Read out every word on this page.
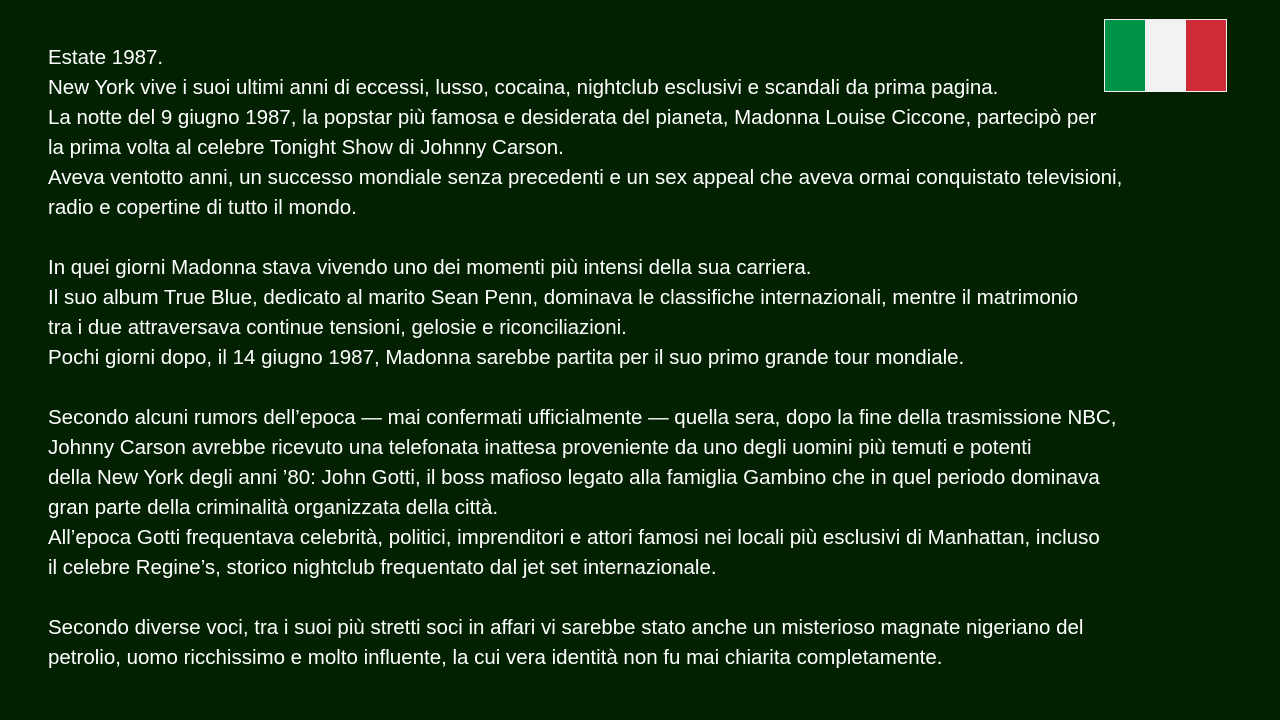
Estate 1987.
New York vive i suoi ultimi anni di eccessi, lusso, cocaina, nightclub esclusivi e scandali da prima pagina.
La notte del 9 giugno 1987, la popstar più famosa e desiderata del pianeta, Madonna Louise Ciccone, partecipò per
la prima volta al celebre Tonight Show di Johnny Carson.
Aveva ventotto anni, un successo mondiale senza precedenti e un sex appeal che aveva ormai conquistato televisioni,
radio e copertine di tutto il mondo.
In quei giorni Madonna stava vivendo uno dei momenti più intensi della sua carriera.
Il suo album True Blue, dedicato al marito Sean Penn, dominava le classifiche internazionali, mentre il matrimonio
tra i due attraversava continue tensioni, gelosie e riconciliazioni.
Pochi giorni dopo, il 14 giugno 1987, Madonna sarebbe partita per il suo primo grande tour mondiale.
Secondo alcuni rumors dell’epoca — mai confermati ufficialmente — quella sera, dopo la fine della trasmissione NBC,
Johnny Carson avrebbe ricevuto una telefonata inattesa proveniente da uno degli uomini più temuti e potenti
della New York degli anni ’80: John Gotti, il boss mafioso legato alla famiglia Gambino che in quel periodo dominava
gran parte della criminalità organizzata della città.
All’epoca Gotti frequentava celebrità, politici, imprenditori e attori famosi nei locali più esclusivi di Manhattan, incluso
il celebre Regine’s, storico nightclub frequentato dal jet set internazionale.
Secondo diverse voci, tra i suoi più stretti soci in affari vi sarebbe stato anche un misterioso magnate nigeriano del
petrolio, uomo ricchissimo e molto influente, la cui vera identità non fu mai chiarita completamente.
